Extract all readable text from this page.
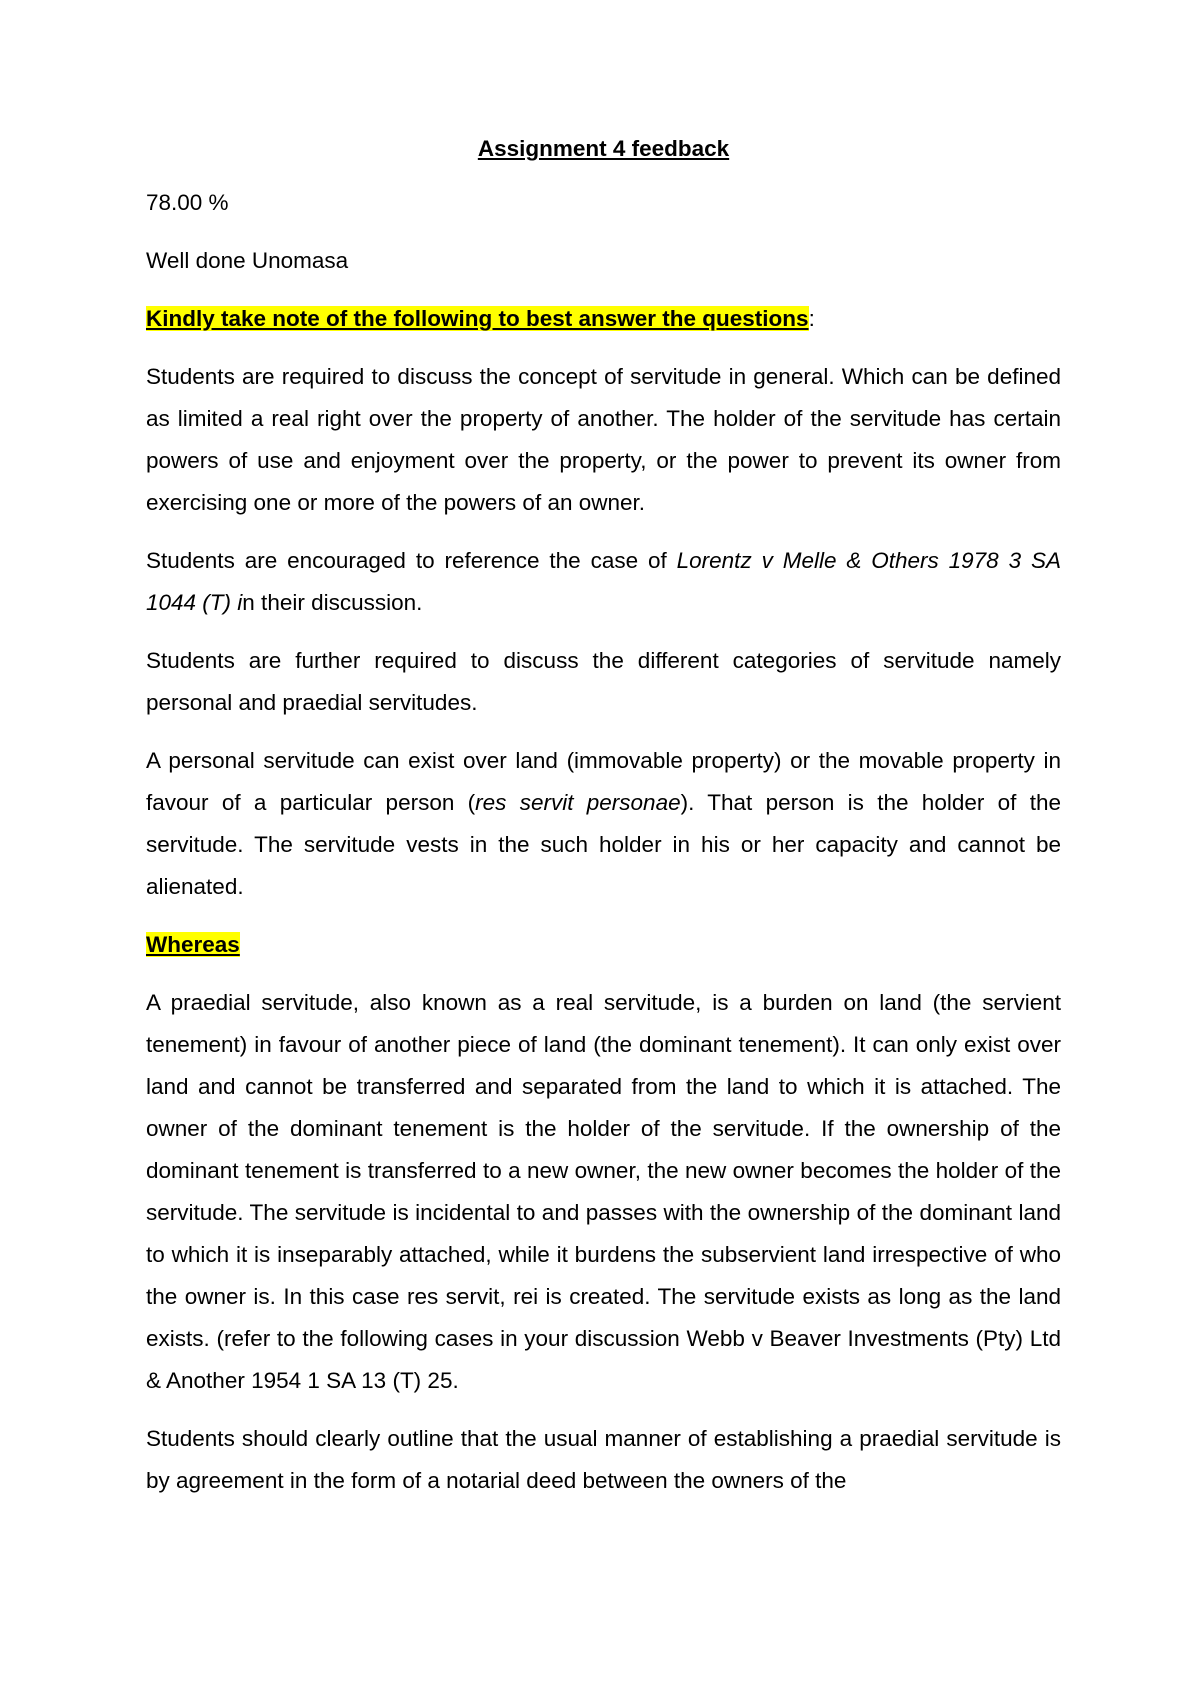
Assignment 4 feedback

78.00 %

Well done Unomasa

Kindly take note of the following to best answer the questions:

Students are required to discuss the concept of servitude in general. Which can be defined as limited a real right over the property of another. The holder of the servitude has certain powers of use and enjoyment over the property, or the power to prevent its owner from exercising one or more of the powers of an owner.

Students are encouraged to reference the case of Lorentz v Melle & Others 1978 3 SA 1044 (T) in their discussion.

Students are further required to discuss the different categories of servitude namely personal and praedial servitudes.

A personal servitude can exist over land (immovable property) or the movable property in favour of a particular person (res servit personae). That person is the holder of the servitude. The servitude vests in the such holder in his or her capacity and cannot be alienated.

Whereas

A praedial servitude, also known as a real servitude, is a burden on land (the servient tenement) in favour of another piece of land (the dominant tenement). It can only exist over land and cannot be transferred and separated from the land to which it is attached. The owner of the dominant tenement is the holder of the servitude. If the ownership of the dominant tenement is transferred to a new owner, the new owner becomes the holder of the servitude. The servitude is incidental to and passes with the ownership of the dominant land to which it is inseparably attached, while it burdens the subservient land irrespective of who the owner is. In this case res servit, rei is created. The servitude exists as long as the land exists. (refer to the following cases in your discussion Webb v Beaver Investments (Pty) Ltd & Another 1954 1 SA 13 (T) 25.

Students should clearly outline that the usual manner of establishing a praedial servitude is by agreement in the form of a notarial deed between the owners of the
